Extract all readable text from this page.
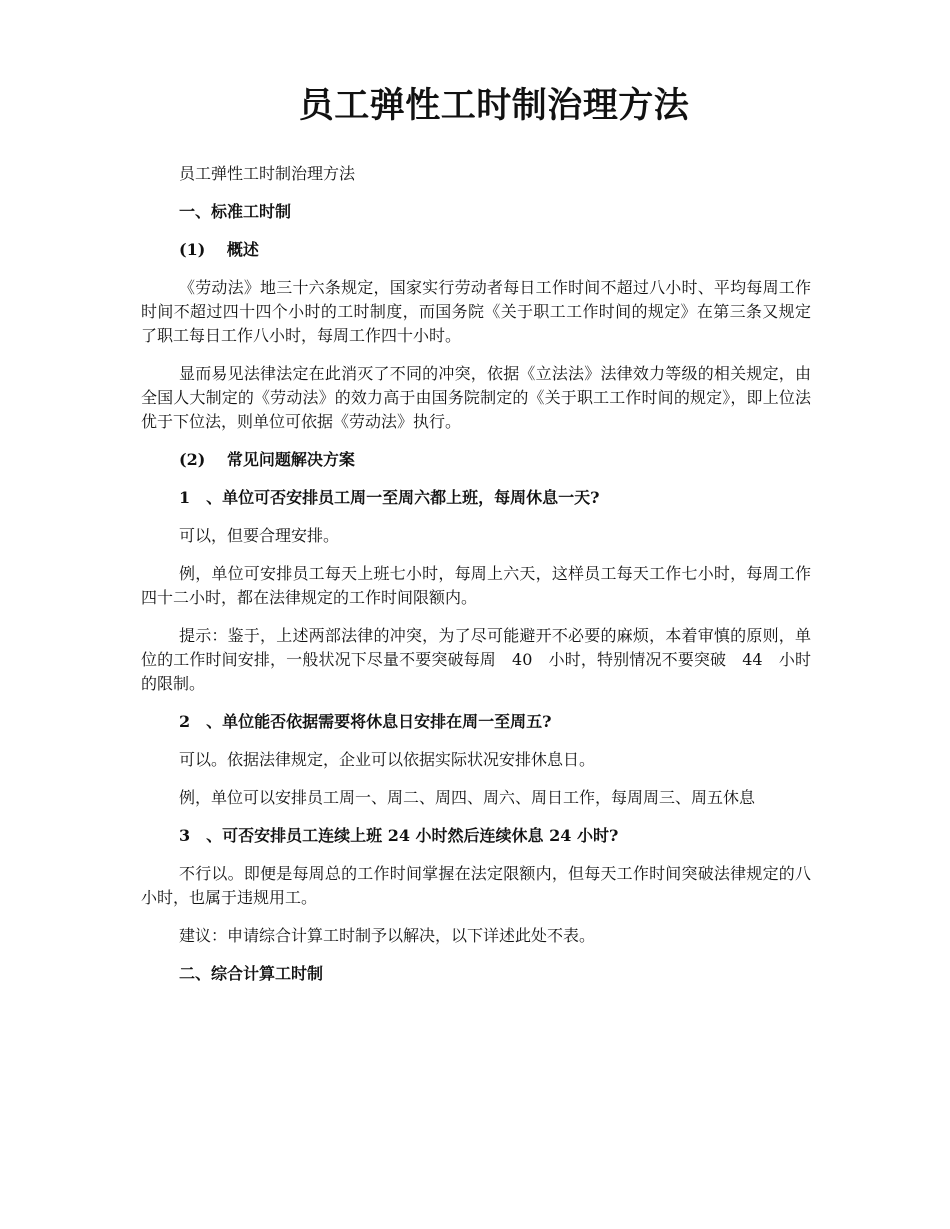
员工弹性工时制治理方法

员工弹性工时制治理方法

一、标准工时制

(1)　 概述

《劳动法》地三十六条规定，国家实行劳动者每日工作时间不超过八小时、平均每周工作时间不超过四十四个小时的工时制度，而国务院《关于职工工作时间的规定》在第三条又规定了职工每日工作八小时，每周工作四十小时。

显而易见法律法定在此消灭了不同的冲突，依据《立法法》法律效力等级的相关规定，由全国人大制定的《劳动法》的效力高于由国务院制定的《关于职工工作时间的规定》，即上位法优于下位法，则单位可依据《劳动法》执行。

(2)　 常见问题解决方案

1　、单位可否安排员工周一至周六都上班，每周休息一天?

可以，但要合理安排。

例，单位可安排员工每天上班七小时，每周上六天，这样员工每天工作七小时，每周工作四十二小时，都在法律规定的工作时间限额内。

提示：鉴于，上述两部法律的冲突，为了尽可能避开不必要的麻烦，本着审慎的原则，单位的工作时间安排，一般状况下尽量不要突破每周　40　小时，特别情况不要突破　44　小时的限制。

2　、单位能否依据需要将休息日安排在周一至周五?

可以。依据法律规定，企业可以依据实际状况安排休息日。

例，单位可以安排员工周一、周二、周四、周六、周日工作，每周周三、周五休息

3　、可否安排员工连续上班 24 小时然后连续休息 24 小时?

不行以。即便是每周总的工作时间掌握在法定限额内，但每天工作时间突破法律规定的八小时，也属于违规用工。

建议：申请综合计算工时制予以解决，以下详述此处不表。

二、综合计算工时制
